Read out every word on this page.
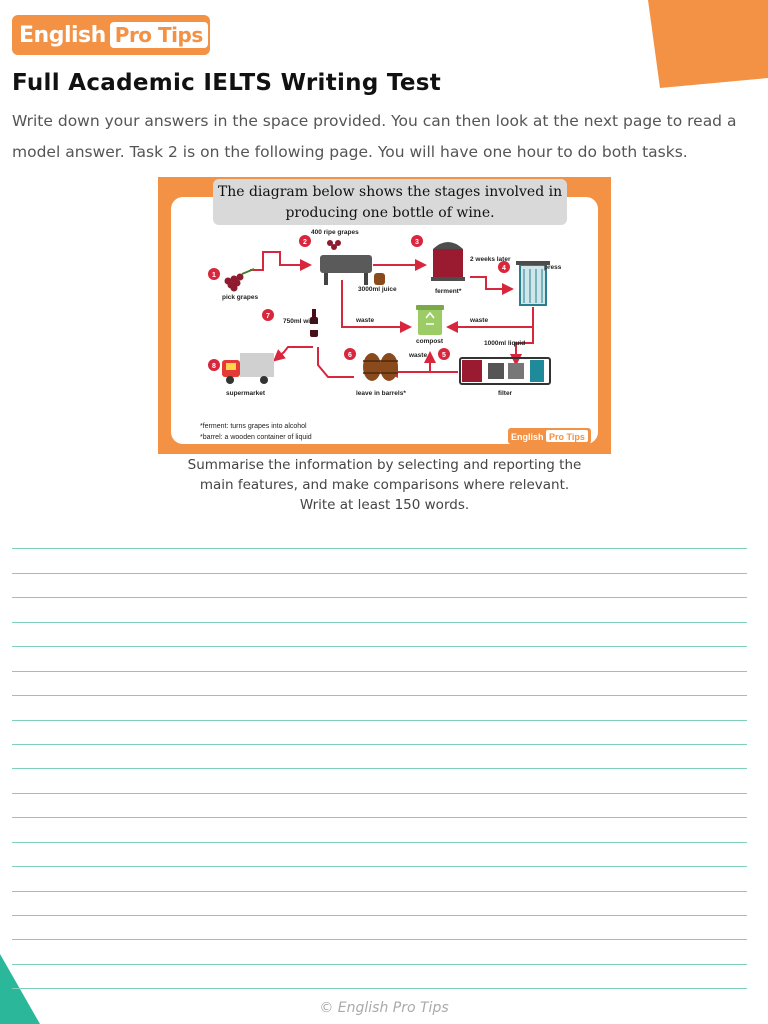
English Pro Tips
Full Academic IELTS Writing Test
Write down your answers in the space provided. You can then look at the next page to read a model answer. Task 2 is on the following page. You will have one hour to do both tasks.
1
2	3
4
5
6
7
8
pick grapes
400 ripe grapes
3000ml juice	ferment*
2 weeks later
press
waste	waste
compost	1000ml liquid
waste
filter
leave in barrels*
750ml wine
supermarket
*ferment: turns grapes into alcohol
*barrel: a wooden container of liquid	English Pro Tips
The diagram below shows the stages involved in producing one bottle of wine.
Summarise the information by selecting and reporting the
main features, and make comparisons where relevant.
Write at least 150 words.
© English Pro Tips
